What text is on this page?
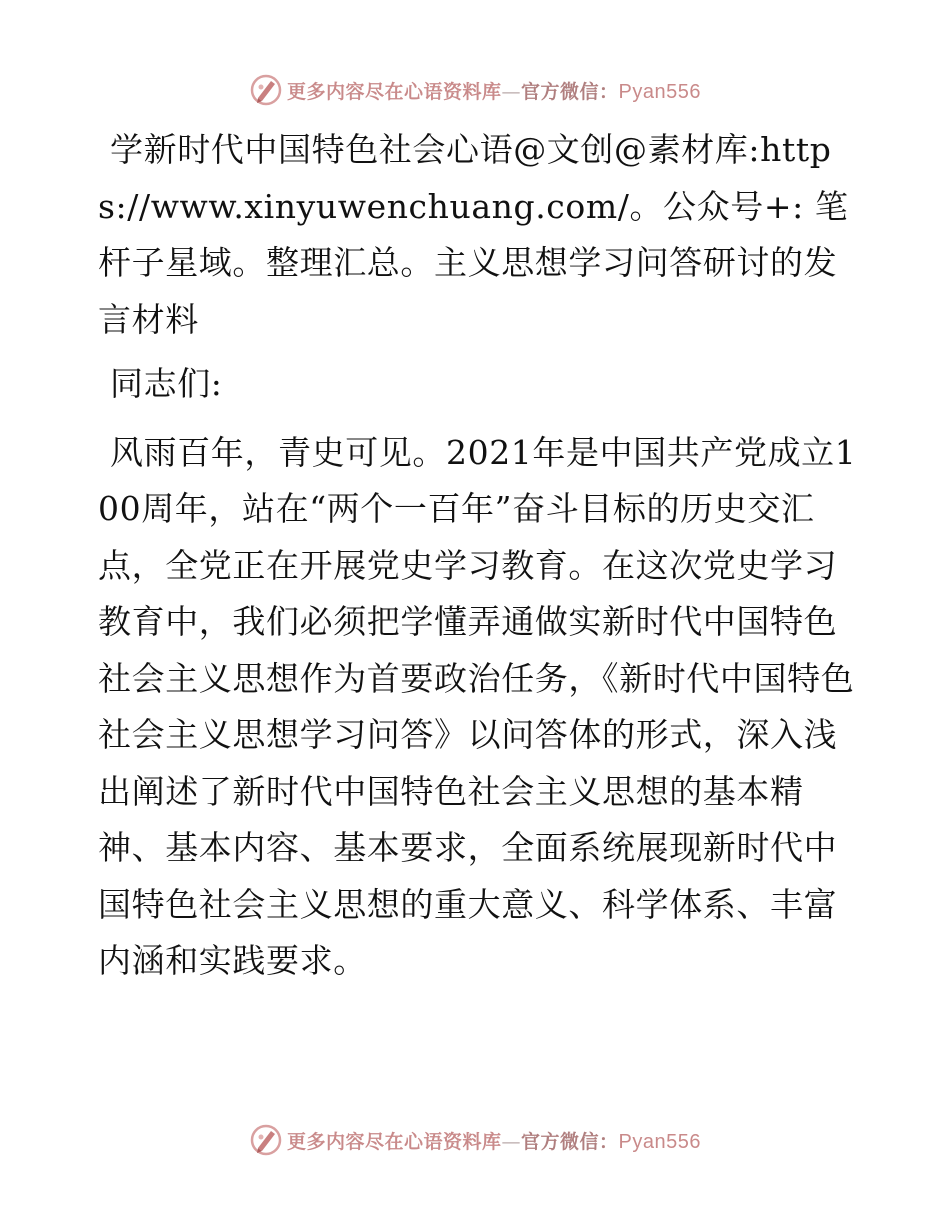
更多内容尽在心语资料库—官方微信：Pyan556

学新时代中国特色社会心语@文创@素材库:https://www.xinyuwenchuang.com/。公众号+: 笔杆子星域。整理汇总。主义思想学习问答研讨的发言材料

同志们:

风雨百年，青史可见。2021年是中国共产党成立100周年，站在“两个一百年”奋斗目标的历史交汇点，全党正在开展党史学习教育。在这次党史学习教育中，我们必须把学懂弄通做实新时代中国特色社会主义思想作为首要政治任务，《新时代中国特色社会主义思想学习问答》以问答体的形式，深入浅出阐述了新时代中国特色社会主义思想的基本精神、基本内容、基本要求，全面系统展现新时代中国特色社会主义思想的重大意义、科学体系、丰富内涵和实践要求。

更多内容尽在心语资料库—官方微信：Pyan556
